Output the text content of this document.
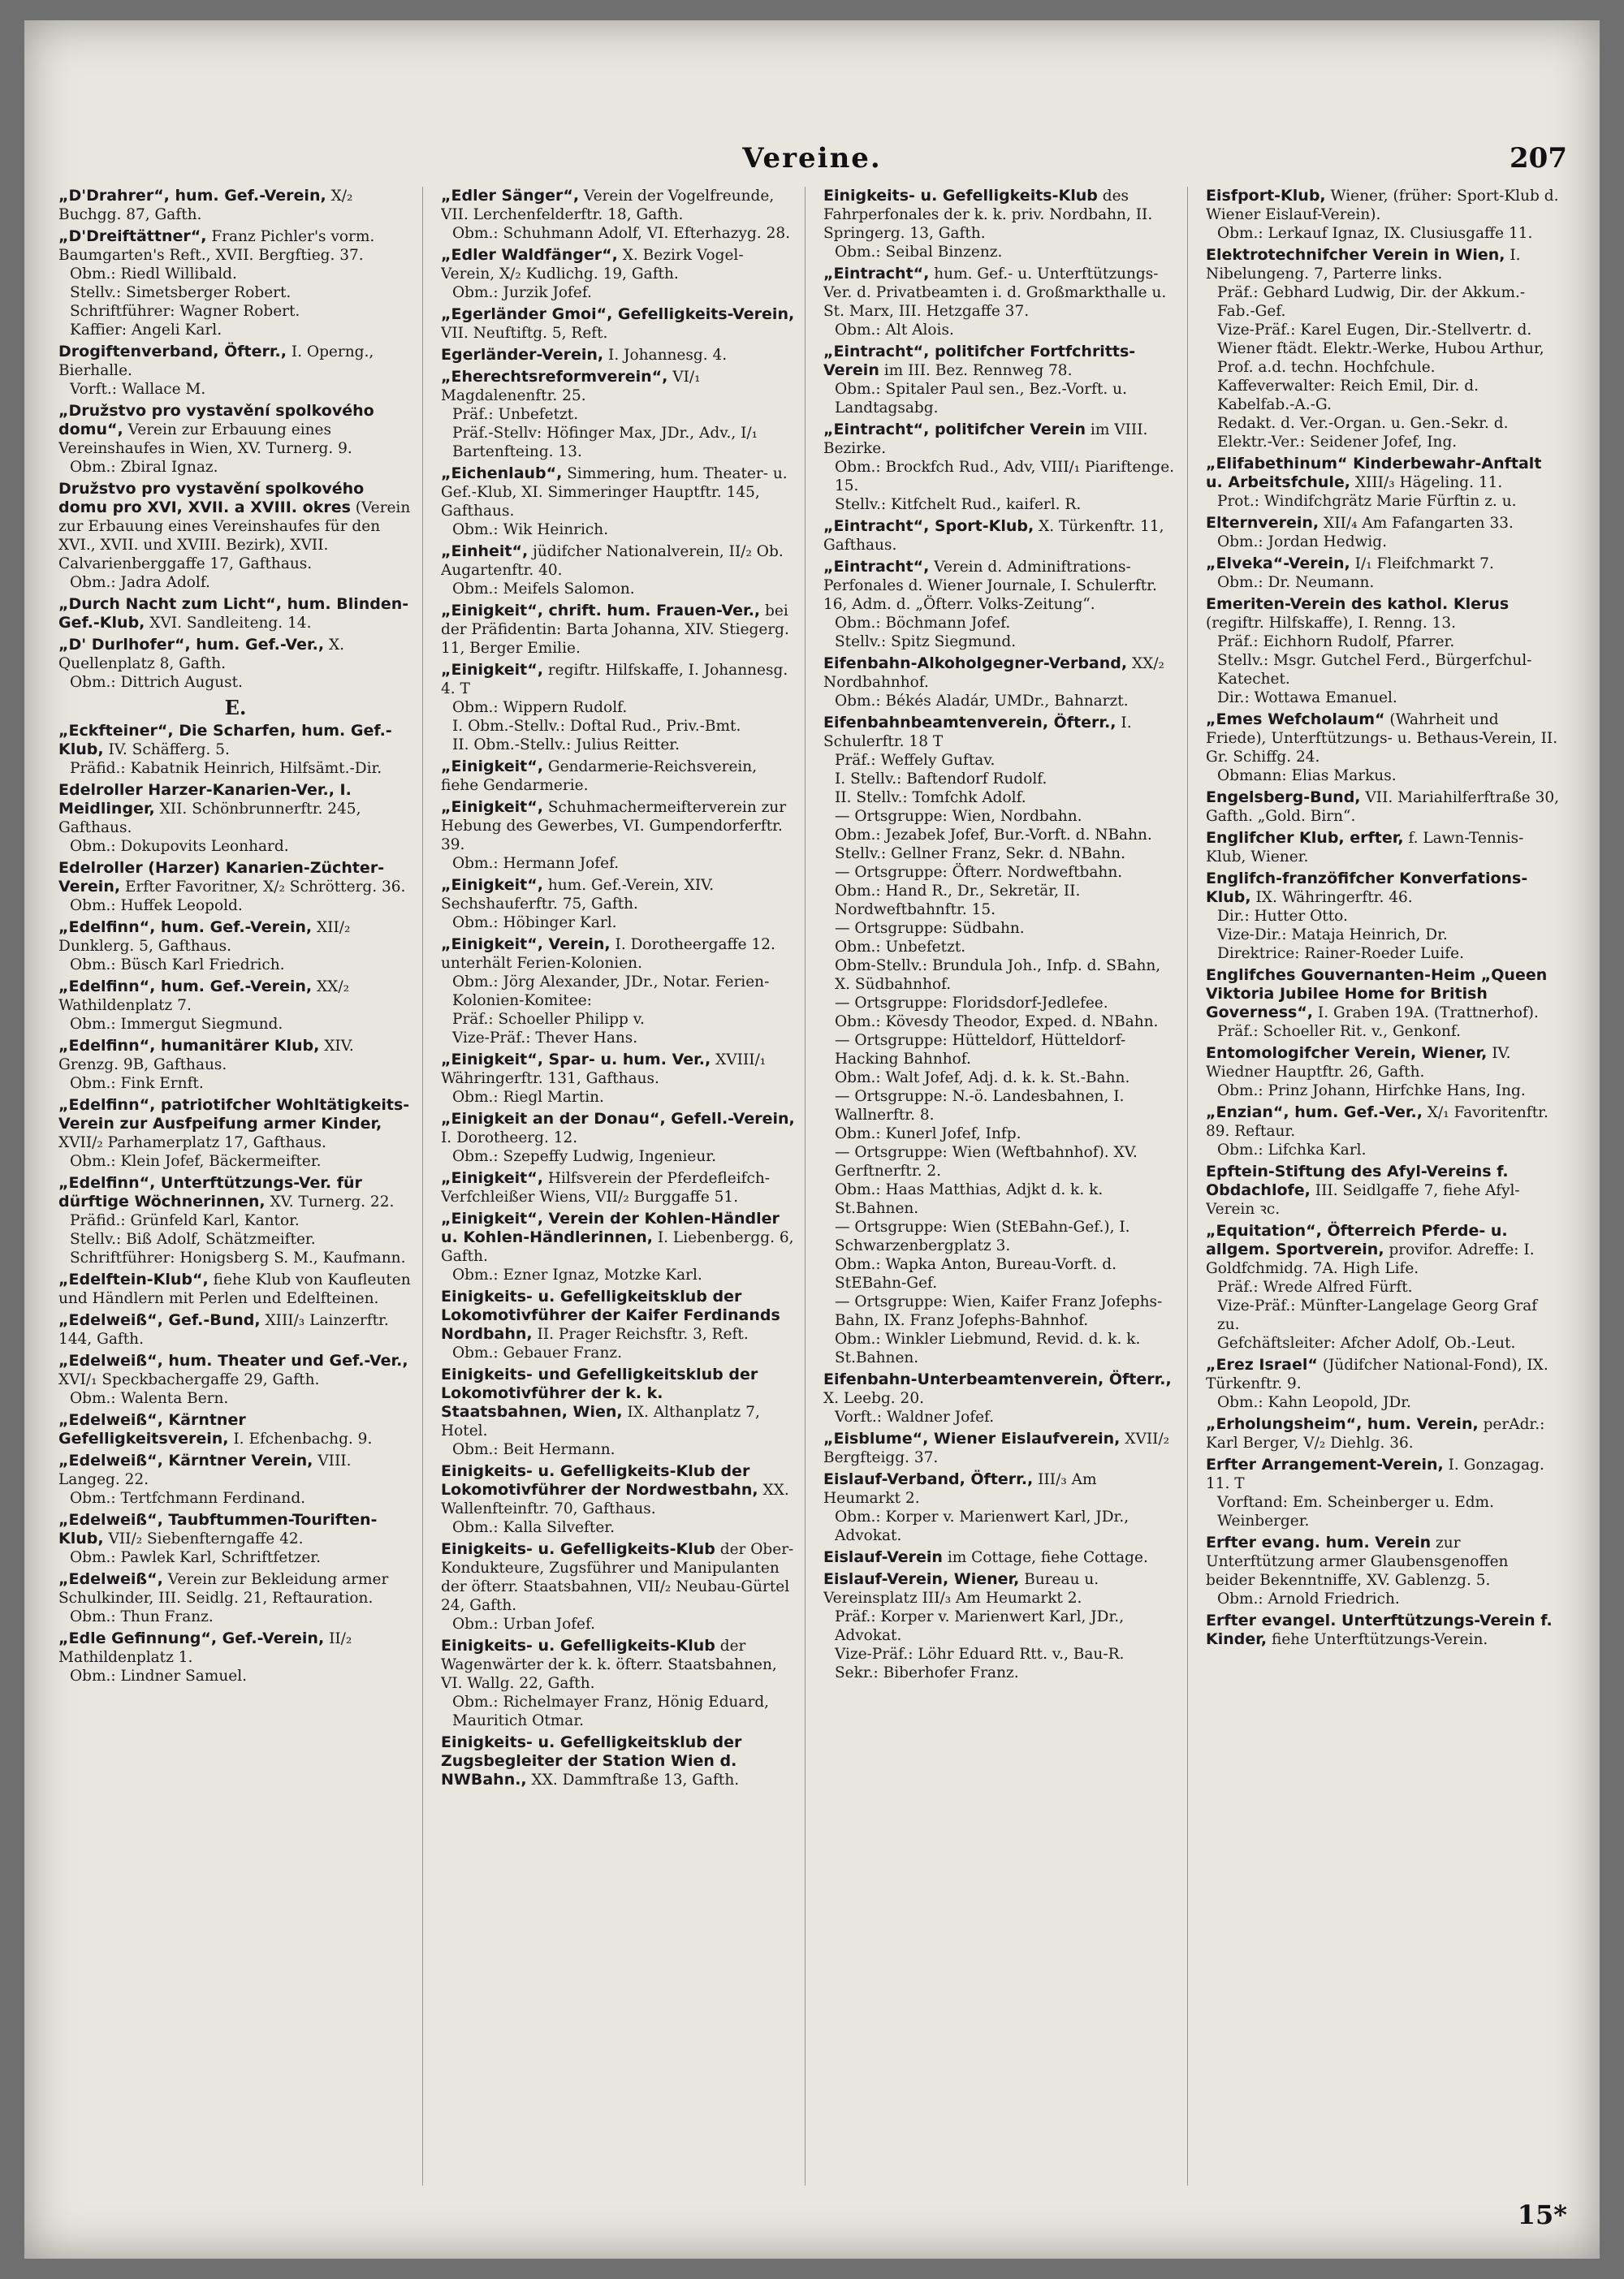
Vereine.	207
„D'Drahrer“, hum. Gef.-Verein, X/₂ Buchgg. 87, Gafth.
„D'Dreiftättner“, Franz Pichler's vorm. Baumgarten's Reft., XVII. Bergftieg. 37.
Obm.: Riedl Willibald.
Stellv.: Simetsberger Robert.
Schriftführer: Wagner Robert.
Kaffier: Angeli Karl.
Drogiftenverband, Öfterr., I. Operng., Bierhalle.
Vorft.: Wallace M.
„Družstvo pro vystavění spolkového domu“, Verein zur Erbauung eines Vereinshaufes in Wien, XV. Turnerg. 9.
Obm.: Zbiral Ignaz.
Družstvo pro vystavění spolkového domu pro XVI, XVII. a XVIII. okres (Verein zur Erbauung eines Vereinshaufes für den XVI., XVII. und XVIII. Bezirk), XVII. Calvarienberggaffe 17, Gafthaus.
Obm.: Jadra Adolf.
„Durch Nacht zum Licht“, hum. Blinden-Gef.-Klub, XVI. Sandleiteng. 14.
„D' Durlhofer“, hum. Gef.-Ver., X. Quellenplatz 8, Gafth.
Obm.: Dittrich August.
E.
„Eckfteiner“, Die Scharfen, hum. Gef.-Klub, IV. Schäfferg. 5.
Präfid.: Kabatnik Heinrich, Hilfsämt.-Dir.
Edelroller Harzer-Kanarien-Ver., I. Meidlinger, XII. Schönbrunnerftr. 245, Gafthaus.
Obm.: Dokupovits Leonhard.
Edelroller (Harzer) Kanarien-Züchter-Verein, Erfter Favoritner, X/₂ Schrötterg. 36.
Obm.: Huffek Leopold.
„Edelfinn“, hum. Gef.-Verein, XII/₂ Dunklerg. 5, Gafthaus.
Obm.: Büsch Karl Friedrich.
„Edelfinn“, hum. Gef.-Verein, XX/₂ Wathildenplatz 7.
Obm.: Immergut Siegmund.
„Edelfinn“, humanitärer Klub, XIV. Grenzg. 9B, Gafthaus.
Obm.: Fink Ernft.
„Edelfinn“, patriotifcher Wohltätigkeits-Verein zur Ausfpeifung armer Kinder, XVII/₂ Parhamerplatz 17, Gafthaus.
Obm.: Klein Jofef, Bäckermeifter.
„Edelfinn“, Unterftützungs-Ver. für dürftige Wöchnerinnen, XV. Turnerg. 22.
Präfid.: Grünfeld Karl, Kantor.
Stellv.: Biß Adolf, Schätzmeifter.
Schriftführer: Honigsberg S. M., Kaufmann.
„Edelftein-Klub“, fiehe Klub von Kaufleuten und Händlern mit Perlen und Edelfteinen.
„Edelweiß“, Gef.-Bund, XIII/₃ Lainzerftr. 144, Gafth.
„Edelweiß“, hum. Theater und Gef.-Ver., XVI/₁ Speckbachergaffe 29, Gafth.
Obm.: Walenta Bern.
„Edelweiß“, Kärntner Gefelligkeitsverein, I. Efchenbachg. 9.
„Edelweiß“, Kärntner Verein, VIII. Langeg. 22.
Obm.: Tertfchmann Ferdinand.
„Edelweiß“, Taubftummen-Touriften-Klub, VII/₂ Siebenfterngaffe 42.
Obm.: Pawlek Karl, Schriftfetzer.
„Edelweiß“, Verein zur Bekleidung armer Schulkinder, III. Seidlg. 21, Reftauration.
Obm.: Thun Franz.
„Edle Gefinnung“, Gef.-Verein, II/₂ Mathildenplatz 1.
Obm.: Lindner Samuel.
„Edler Sänger“, Verein der Vogelfreunde, VII. Lerchenfelderftr. 18, Gafth.
Obm.: Schuhmann Adolf, VI. Efterhazyg. 28.
„Edler Waldfänger“, X. Bezirk Vogel-Verein, X/₂ Kudlichg. 19, Gafth.
Obm.: Jurzik Jofef.
„Egerländer Gmoi“, Gefelligkeits-Verein, VII. Neuftiftg. 5, Reft.
Egerländer-Verein, I. Johannesg. 4.
„Eherechtsreformverein“, VI/₁ Magdalenenftr. 25.
Präf.: Unbefetzt.
Präf.-Stellv: Höfinger Max, JDr., Adv., I/₁ Bartenfteing. 13.
„Eichenlaub“, Simmering, hum. Theater- u. Gef.-Klub, XI. Simmeringer Hauptftr. 145, Gafthaus.
Obm.: Wik Heinrich.
„Einheit“, jüdifcher Nationalverein, II/₂ Ob. Augartenftr. 40.
Obm.: Meifels Salomon.
„Einigkeit“, chrift. hum. Frauen-Ver., bei der Präfidentin: Barta Johanna, XIV. Stiegerg. 11, Berger Emilie.
„Einigkeit“, regiftr. Hilfskaffe, I. Johannesg. 4. T
Obm.: Wippern Rudolf.
I. Obm.-Stellv.: Doftal Rud., Priv.-Bmt.
II. Obm.-Stellv.: Julius Reitter.
„Einigkeit“, Gendarmerie-Reichsverein, fiehe Gendarmerie.
„Einigkeit“, Schuhmachermeifterverein zur Hebung des Gewerbes, VI. Gumpendorferftr. 39.
Obm.: Hermann Jofef.
„Einigkeit“, hum. Gef.-Verein, XIV. Sechshauferftr. 75, Gafth.
Obm.: Höbinger Karl.
„Einigkeit“, Verein, I. Dorotheergaffe 12. unterhält Ferien-Kolonien.
Obm.: Jörg Alexander, JDr., Notar. Ferien-Kolonien-Komitee:
Präf.: Schoeller Philipp v.
Vize-Präf.: Thever Hans.
„Einigkeit“, Spar- u. hum. Ver., XVIII/₁ Währingerftr. 131, Gafthaus.
Obm.: Riegl Martin.
„Einigkeit an der Donau“, Gefell.-Verein, I. Dorotheerg. 12.
Obm.: Szepeffy Ludwig, Ingenieur.
„Einigkeit“, Hilfsverein der Pferdefleifch-Verfchleißer Wiens, VII/₂ Burggaffe 51.
„Einigkeit“, Verein der Kohlen-Händler u. Kohlen-Händlerinnen, I. Liebenbergg. 6, Gafth.
Obm.: Ezner Ignaz, Motzke Karl.
Einigkeits- u. Gefelligkeitsklub der Lokomotivführer der Kaifer Ferdinands Nordbahn, II. Prager Reichsftr. 3, Reft.
Obm.: Gebauer Franz.
Einigkeits- und Gefelligkeitsklub der Lokomotivführer der k. k. Staatsbahnen, Wien, IX. Althanplatz 7, Hotel.
Obm.: Beit Hermann.
Einigkeits- u. Gefelligkeits-Klub der Lokomotivführer der Nordwestbahn, XX. Wallenfteinftr. 70, Gafthaus.
Obm.: Kalla Silvefter.
Einigkeits- u. Gefelligkeits-Klub der Ober-Kondukteure, Zugsführer und Manipulanten der öfterr. Staatsbahnen, VII/₂ Neubau-Gürtel 24, Gafth.
Obm.: Urban Jofef.
Einigkeits- u. Gefelligkeits-Klub der Wagenwärter der k. k. öfterr. Staatsbahnen, VI. Wallg. 22, Gafth.
Obm.: Richelmayer Franz, Hönig Eduard, Mauritich Otmar.
Einigkeits- u. Gefelligkeitsklub der Zugsbegleiter der Station Wien d. NWBahn., XX. Dammftraße 13, Gafth.
Einigkeits- u. Gefelligkeits-Klub des Fahrperfonales der k. k. priv. Nordbahn, II. Springerg. 13, Gafth.
Obm.: Seibal Binzenz.
„Eintracht“, hum. Gef.- u. Unterftützungs-Ver. d. Privatbeamten i. d. Großmarkthalle u. St. Marx, III. Hetzgaffe 37.
Obm.: Alt Alois.
„Eintracht“, politifcher Fortfchritts-Verein im III. Bez. Rennweg 78.
Obm.: Spitaler Paul sen., Bez.-Vorft. u. Landtagsabg.
„Eintracht“, politifcher Verein im VIII. Bezirke.
Obm.: Brockfch Rud., Adv, VIII/₁ Piariftenge. 15.
Stellv.: Kitfchelt Rud., kaiferl. R.
„Eintracht“, Sport-Klub, X. Türkenftr. 11, Gafthaus.
„Eintracht“, Verein d. Adminiftrations-Perfonales d. Wiener Journale, I. Schulerftr. 16, Adm. d. „Öfterr. Volks-Zeitung“.
Obm.: Böchmann Jofef.
Stellv.: Spitz Siegmund.
Eifenbahn-Alkoholgegner-Verband, XX/₂ Nordbahnhof.
Obm.: Békés Aladár, UMDr., Bahnarzt.
Eifenbahnbeamtenverein, Öfterr., I. Schulerftr. 18 T
Präf.: Weffely Guftav.
I. Stellv.: Baftendorf Rudolf.
II. Stellv.: Tomfchk Adolf.
— Ortsgruppe: Wien, Nordbahn.
Obm.: Jezabek Jofef, Bur.-Vorft. d. NBahn.
Stellv.: Gellner Franz, Sekr. d. NBahn.
— Ortsgruppe: Öfterr. Nordweftbahn.
Obm.: Hand R., Dr., Sekretär, II. Nordweftbahnftr. 15.
— Ortsgruppe: Südbahn.
Obm.: Unbefetzt.
Obm-Stellv.: Brundula Joh., Infp. d. SBahn, X. Südbahnhof.
— Ortsgruppe: Floridsdorf-Jedlefee.
Obm.: Kövesdy Theodor, Exped. d. NBahn.
— Ortsgruppe: Hütteldorf, Hütteldorf-Hacking Bahnhof.
Obm.: Walt Jofef, Adj. d. k. k. St.-Bahn.
— Ortsgruppe: N.-ö. Landesbahnen, I. Wallnerftr. 8.
Obm.: Kunerl Jofef, Infp.
— Ortsgruppe: Wien (Weftbahnhof). XV. Gerftnerftr. 2.
Obm.: Haas Matthias, Adjkt d. k. k. St.Bahnen.
— Ortsgruppe: Wien (StEBahn-Gef.), I. Schwarzenbergplatz 3.
Obm.: Wapka Anton, Bureau-Vorft. d. StEBahn-Gef.
— Ortsgruppe: Wien, Kaifer Franz Jofephs-Bahn, IX. Franz Jofephs-Bahnhof.
Obm.: Winkler Liebmund, Revid. d. k. k. St.Bahnen.
Eifenbahn-Unterbeamtenverein, Öfterr., X. Leebg. 20.
Vorft.: Waldner Jofef.
„Eisblume“, Wiener Eislaufverein, XVII/₂ Bergfteigg. 37.
Eislauf-Verband, Öfterr., III/₃ Am Heumarkt 2.
Obm.: Korper v. Marienwert Karl, JDr., Advokat.
Eislauf-Verein im Cottage, fiehe Cottage.
Eislauf-Verein, Wiener, Bureau u. Vereinsplatz III/₃ Am Heumarkt 2.
Präf.: Korper v. Marienwert Karl, JDr., Advokat.
Vize-Präf.: Löhr Eduard Rtt. v., Bau-R.
Sekr.: Biberhofer Franz.
Eisfport-Klub, Wiener, (früher: Sport-Klub d. Wiener Eislauf-Verein).
Obm.: Lerkauf Ignaz, IX. Clusiusgaffe 11.
Elektrotechnifcher Verein in Wien, I. Nibelungeng. 7, Parterre links.
Präf.: Gebhard Ludwig, Dir. der Akkum.-Fab.-Gef.
Vize-Präf.: Karel Eugen, Dir.-Stellvertr. d. Wiener ftädt. Elektr.-Werke, Hubou Arthur, Prof. a.d. techn. Hochfchule.
Kaffeverwalter: Reich Emil, Dir. d. Kabelfab.-A.-G.
Redakt. d. Ver.-Organ. u. Gen.-Sekr. d. Elektr.-Ver.: Seidener Jofef, Ing.
„Elifabethinum“ Kinderbewahr-Anftalt u. Arbeitsfchule, XIII/₃ Hägeling. 11.
Prot.: Windifchgrätz Marie Fürftin z. u.
Elternverein, XII/₄ Am Fafangarten 33.
Obm.: Jordan Hedwig.
„Elveka“-Verein, I/₁ Fleifchmarkt 7.
Obm.: Dr. Neumann.
Emeriten-Verein des kathol. Klerus (regiftr. Hilfskaffe), I. Renng. 13.
Präf.: Eichhorn Rudolf, Pfarrer.
Stellv.: Msgr. Gutchel Ferd., Bürgerfchul-Katechet.
Dir.: Wottawa Emanuel.
„Emes Wefcholaum“ (Wahrheit und Friede), Unterftützungs- u. Bethaus-Verein, II. Gr. Schiffg. 24.
Obmann: Elias Markus.
Engelsberg-Bund, VII. Mariahilferftraße 30, Gafth. „Gold. Birn“.
Englifcher Klub, erfter, f. Lawn-Tennis-Klub, Wiener.
Englifch-franzöfifcher Konverfations-Klub, IX. Währingerftr. 46.
Dir.: Hutter Otto.
Vize-Dir.: Mataja Heinrich, Dr.
Direktrice: Rainer-Roeder Luife.
Englifches Gouvernanten-Heim „Queen Viktoria Jubilee Home for British Governess“, I. Graben 19A. (Trattnerhof).
Präf.: Schoeller Rit. v., Genkonf.
Entomologifcher Verein, Wiener, IV. Wiedner Hauptftr. 26, Gafth.
Obm.: Prinz Johann, Hirfchke Hans, Ing.
„Enzian“, hum. Gef.-Ver., X/₁ Favoritenftr. 89. Reftaur.
Obm.: Lifchka Karl.
Epftein-Stiftung des Afyl-Vereins f. Obdachlofe, III. Seidlgaffe 7, fiehe Afyl-Verein ꝛc.
„Equitation“, Öfterreich Pferde- u. allgem. Sportverein, provifor. Adreffe: I. Goldfchmidg. 7A. High Life.
Präf.: Wrede Alfred Fürft.
Vize-Präf.: Münfter-Langelage Georg Graf zu.
Gefchäftsleiter: Afcher Adolf, Ob.-Leut.
„Erez Israel“ (Jüdifcher National-Fond), IX. Türkenftr. 9.
Obm.: Kahn Leopold, JDr.
„Erholungsheim“, hum. Verein, perAdr.: Karl Berger, V/₂ Diehlg. 36.
Erfter Arrangement-Verein, I. Gonzagag. 11. T
Vorftand: Em. Scheinberger u. Edm. Weinberger.
Erfter evang. hum. Verein zur Unterftützung armer Glaubensgenoffen beider Bekenntniffe, XV. Gablenzg. 5.
Obm.: Arnold Friedrich.
Erfter evangel. Unterftützungs-Verein f. Kinder, fiehe Unterftützungs-Verein.
15*
